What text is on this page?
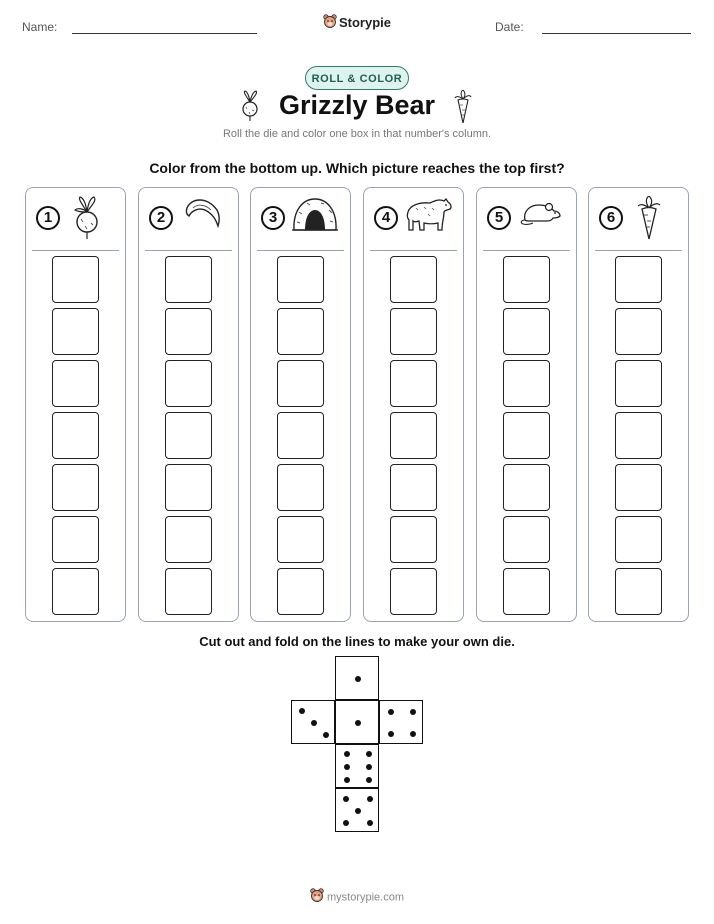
Name:	Storypie	Date:
ROLL & COLOR
Grizzly Bear
Roll the die and color one box in that number's column.
Color from the bottom up. Which picture reaches the top first?
1	2	3	4	5	6
Cut out and fold on the lines to make your own die.
mystorypie.com
